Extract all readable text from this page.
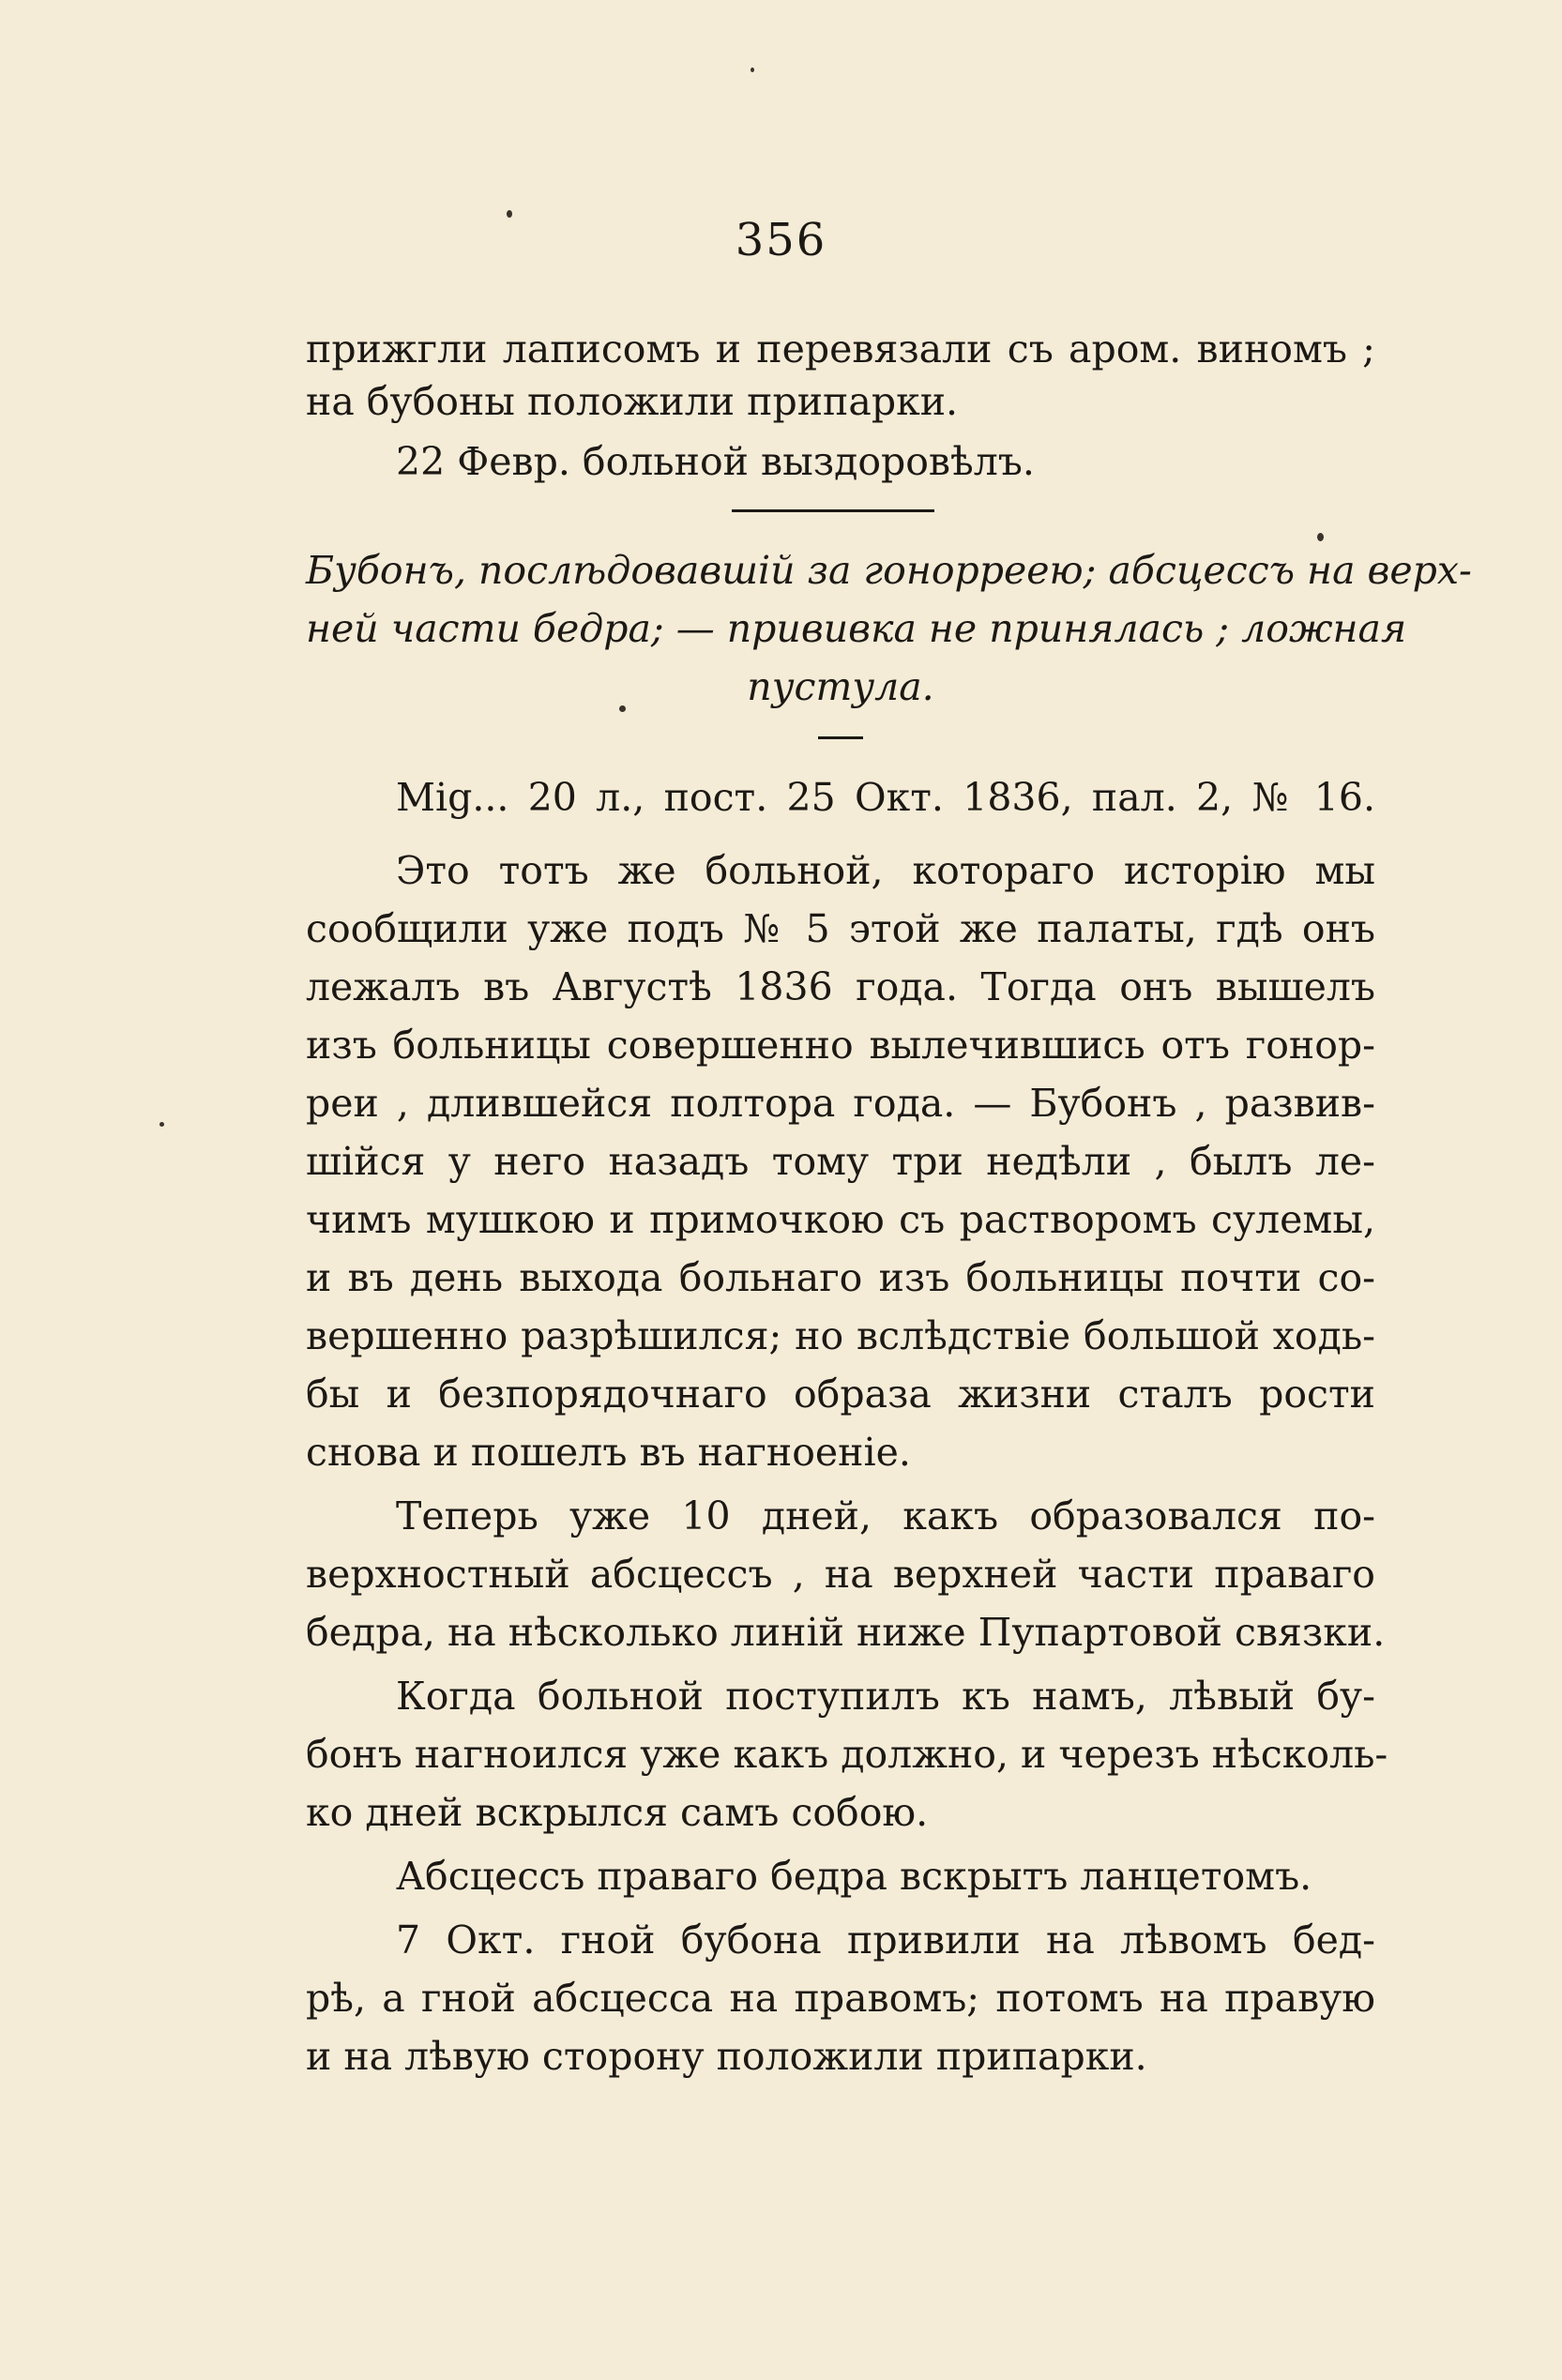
356
прижгли лаписомъ и перевязали съ аром. виномъ ;
на бубоны положили припарки.
22 Февр. больной выздоровѣлъ.
Бубонъ, послѣдовавшій за гонорреею; абсцессъ на верх-
ней части бедра; — прививка не принялась ; ложная
пустула.
Mig... 20 л., пост. 25 Окт. 1836, пал. 2, № 16.
Это тотъ же больной, котораго исторію мы
сообщили уже подъ № 5 этой же палаты, гдѣ онъ
лежалъ въ Августѣ 1836 года. Тогда онъ вышелъ
изъ больницы совершенно вылечившись отъ гонор-
реи , длившейся полтора года. — Бубонъ , развив-
шійся у него назадъ тому три недѣли , былъ ле-
чимъ мушкою и примочкою съ растворомъ сулемы,
и въ день выхода больнаго изъ больницы почти со-
вершенно разрѣшился; но вслѣдствіе большой ходь-
бы и безпорядочнаго образа жизни сталъ рости
снова и пошелъ въ нагноеніе.
Теперь уже 10 дней, какъ образовался по-
верхностный абсцессъ , на верхней части праваго
бедра, на нѣсколько линій ниже Пупартовой связки.
Когда больной поступилъ къ намъ, лѣвый бу-
бонъ нагноился уже какъ должно, и черезъ нѣсколь-
ко дней вскрылся самъ собою.
Абсцессъ праваго бедра вскрытъ ланцетомъ.
7 Окт. гной бубона привили на лѣвомъ бед-
рѣ, а гной абсцесса на правомъ; потомъ на правую
и на лѣвую сторону положили припарки.
